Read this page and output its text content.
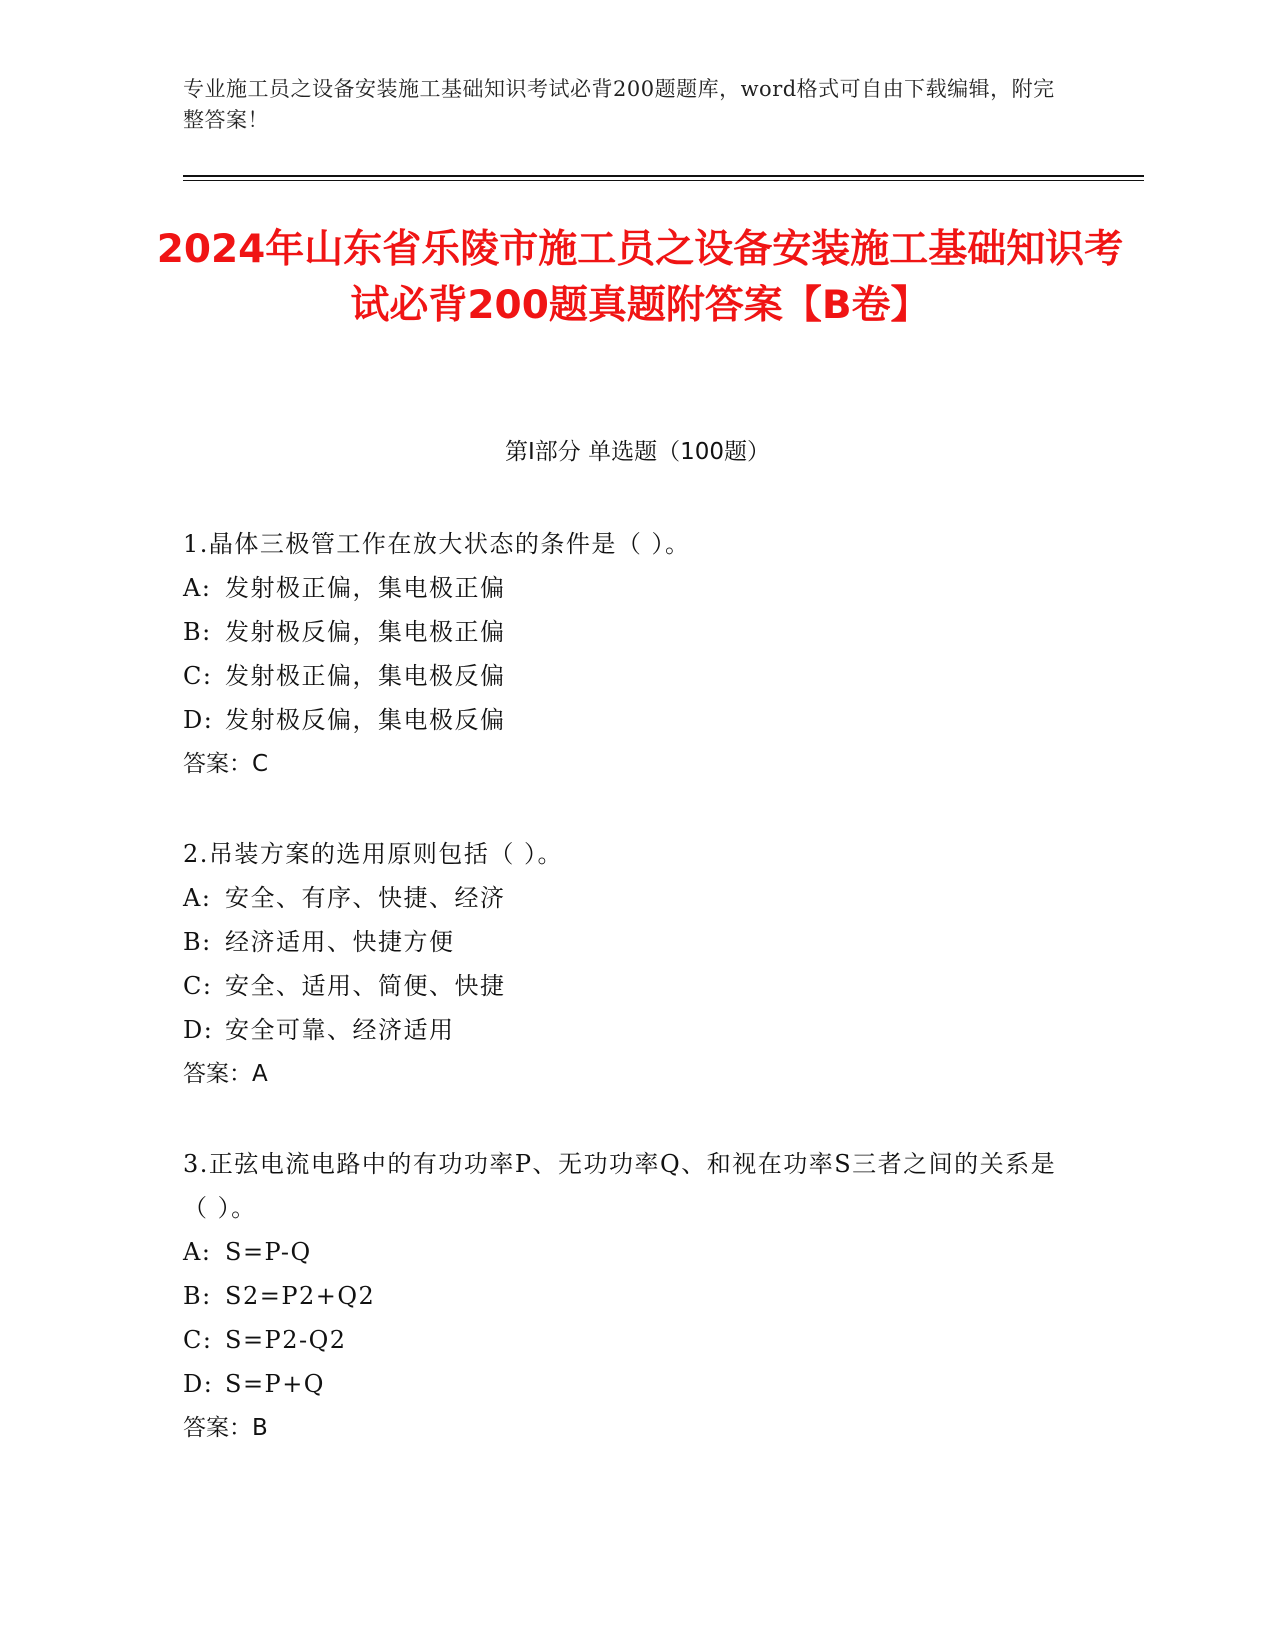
专业施工员之设备安装施工基础知识考试必背200题题库，word格式可自由下载编辑，附完整答案！
2024年山东省乐陵市施工员之设备安装施工基础知识考试必背200题真题附答案【B卷】
第I部分 单选题（100题）

1.晶体三极管工作在放大状态的条件是（ ）。

A: 发射极正偏，集电极正偏

B: 发射极反偏，集电极正偏

C: 发射极正偏，集电极反偏

D: 发射极反偏，集电极反偏

答案：C

2.吊装方案的选用原则包括（ ）。

A: 安全、有序、快捷、经济

B: 经济适用、快捷方便

C: 安全、适用、简便、快捷

D: 安全可靠、经济适用

答案：A

3.正弦电流电路中的有功功率P、无功功率Q、和视在功率S三者之间的关系是（ ）。

A: S=P-Q

B: S2=P2+Q2

C: S=P2-Q2

D: S=P+Q

答案：B
